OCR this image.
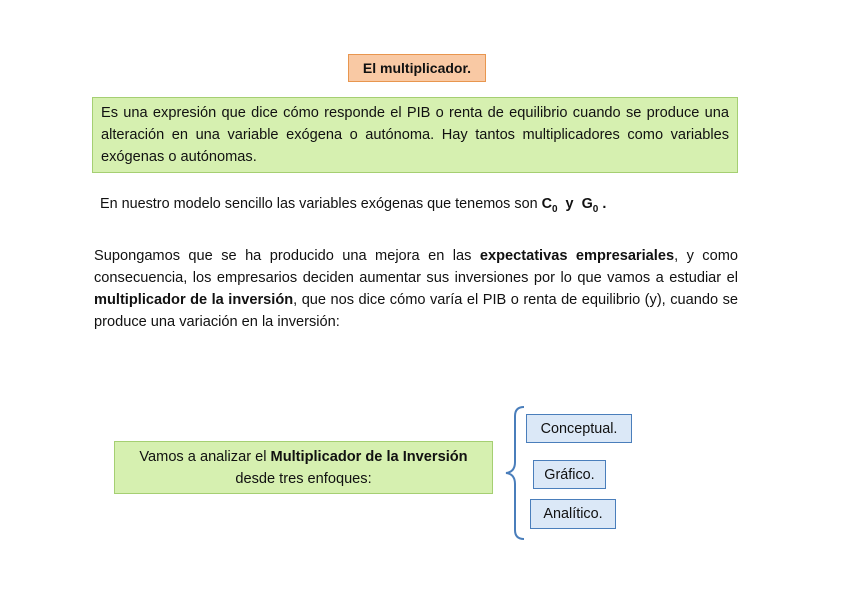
El multiplicador.
Es una expresión que dice cómo responde el PIB o renta de equilibrio cuando se produce una alteración en una variable exógena o autónoma. Hay tantos multiplicadores como variables exógenas o autónomas.
En nuestro modelo sencillo las variables exógenas que tenemos son $C_0$ y $G_0$ .
Supongamos que se ha producido una mejora en las expectativas empresariales, y como consecuencia, los empresarios deciden aumentar sus inversiones por lo que vamos a estudiar el multiplicador de la inversión, que nos dice cómo varía el PIB o renta de equilibrio (y), cuando se produce una variación en la inversión:
Vamos a analizar el Multiplicador de la Inversión
desde tres enfoques:
Conceptual.
Gráfico.
Analítico.
